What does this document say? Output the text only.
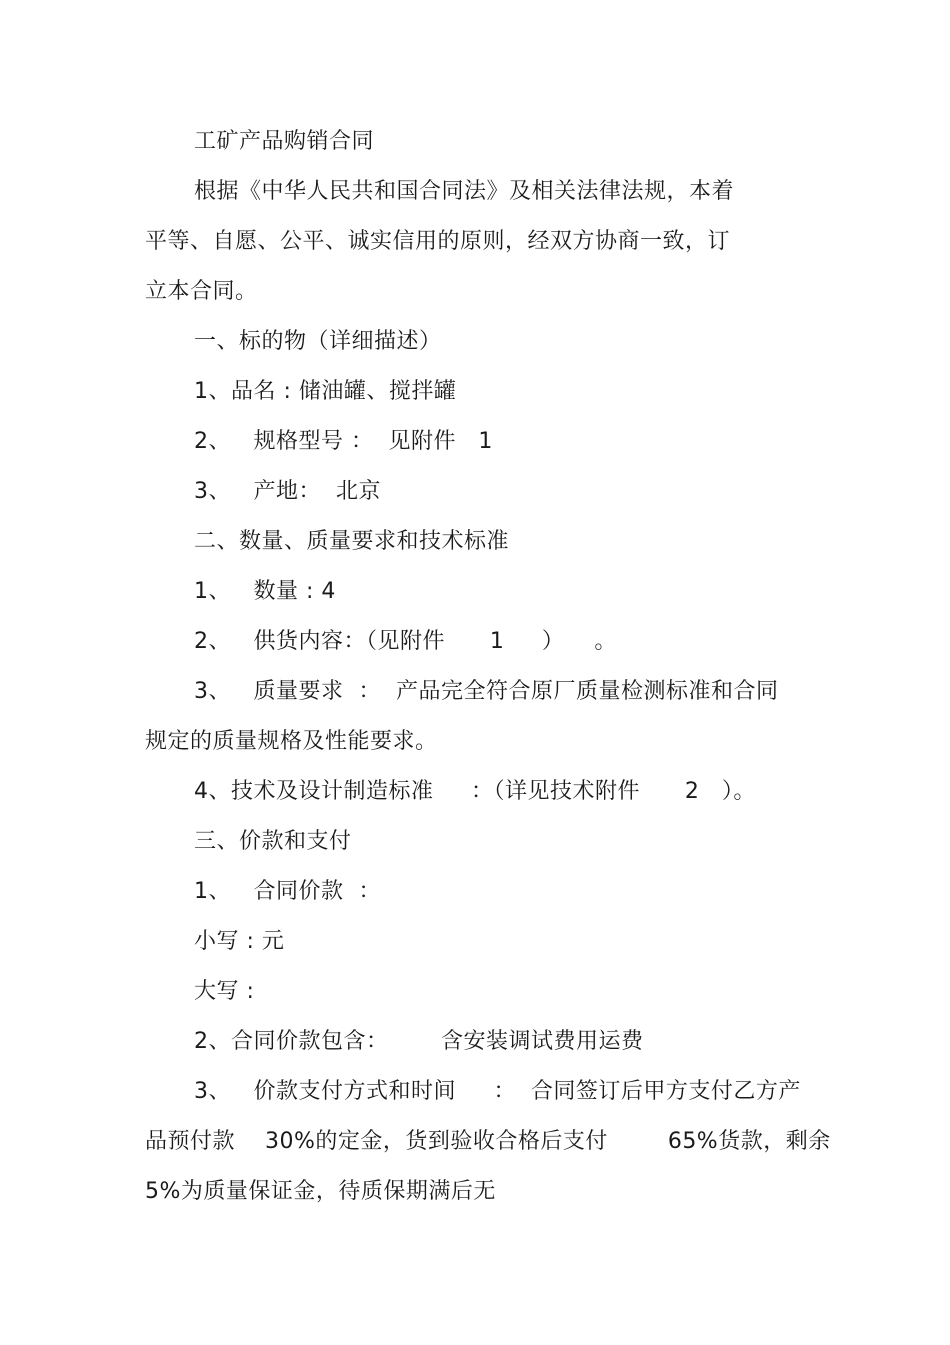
工矿产品购销合同
根据《中华人民共和国合同法》及相关法律法规，本着
平等、自愿、公平、诚实信用的原则，经双方协商一致，订
立本合同。
一、标的物（详细描述）
1、品名 : 储油罐、搅拌罐
2、   规格型号 ：  见附件   1
3、   产地：  北京
二、数量、质量要求和技术标准
1、   数量 : 4
2、   供货内容：（见附件      1     ）    。
3、   质量要求  ：  产品完全符合原厂质量检测标准和合同
规定的质量规格及性能要求。
4、技术及设计制造标准     ：（详见技术附件      2   ）。
三、价款和支付
1、   合同价款  ：
小写 : 元
大写 :
2、合同价款包含：       含安装调试费用运费
3、   价款支付方式和时间     ：  合同签订后甲方支付乙方产
品预付款    30%的定金，货到验收合格后支付        65%货款，剩余
5%为质量保证金，待质保期满后无
